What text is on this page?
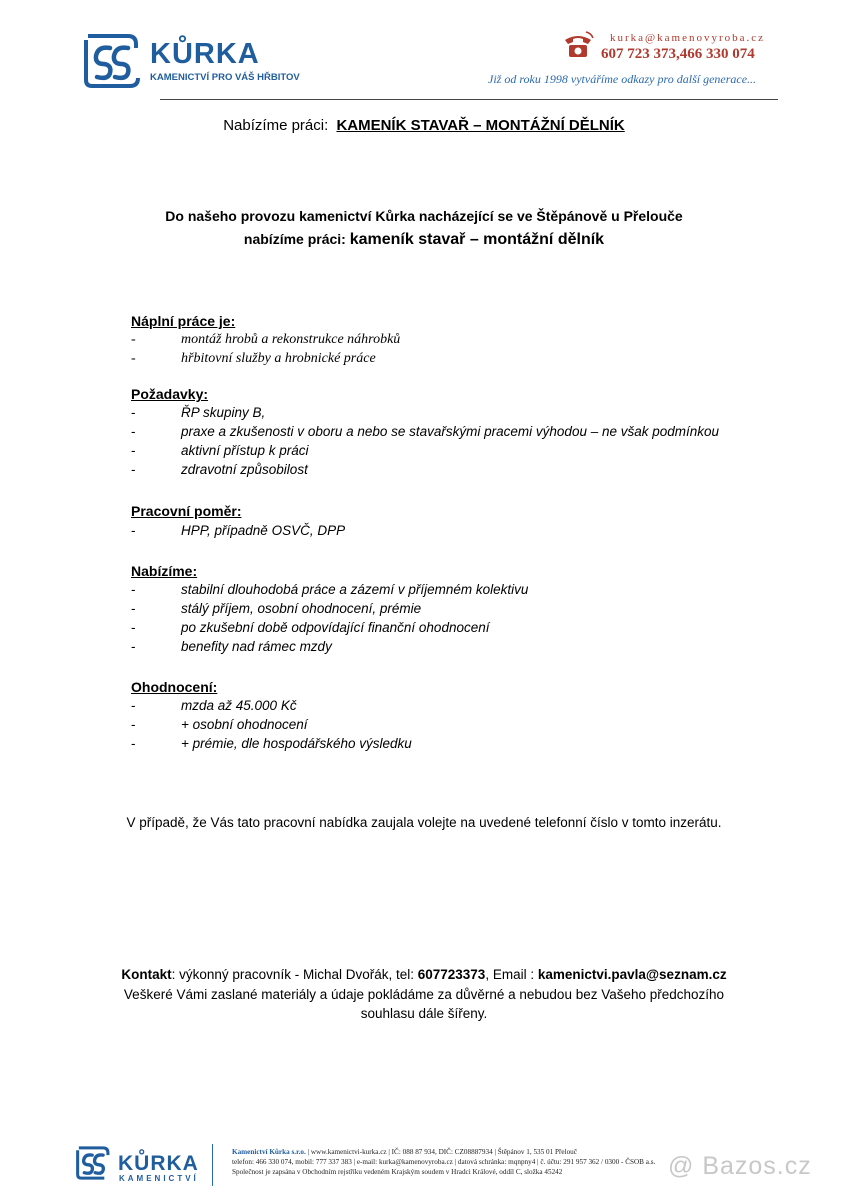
KŮRKA
KAMENICTVÍ PRO VÁŠ HŘBITOV
kurka@kamenovyroba.cz
607 723 373,466 330 074
Již od roku 1998 vytváříme odkazy pro další generace...
Nabízíme práci: KAMENÍK STAVAŘ – MONTÁŽNÍ DĚLNÍK
Do našeho provozu kamenictví Kůrka nacházející se ve Štěpánově u Přelouče
nabízíme práci: kameník stavař – montážní dělník
Náplní práce je:
-	montáž hrobů a rekonstrukce náhrobků
-	hřbitovní služby a hrobnické práce
Požadavky:
-	ŘP skupiny B,
-	praxe a zkušenosti v oboru a nebo se stavařskými pracemi výhodou – ne však podmínkou
-	aktivní přístup k práci
-	zdravotní způsobilost
Pracovní poměr:
-	HPP, případně OSVČ, DPP
Nabízíme:
-	stabilní dlouhodobá práce a zázemí v příjemném kolektivu
-	stálý příjem, osobní ohodnocení, prémie
-	po zkušební době odpovídající finanční ohodnocení
-	benefity nad rámec mzdy
Ohodnocení:
-	mzda až 45.000 Kč
-	+ osobní ohodnocení
-	+ prémie, dle hospodářského výsledku
V případě, že Vás tato pracovní nabídka zaujala volejte na uvedené telefonní číslo v tomto inzerátu.
Kontakt: výkonný pracovník - Michal Dvořák, tel: 607723373, Email : kamenictvi.pavla@seznam.cz
Veškeré Vámi zaslané materiály a údaje pokládáme za důvěrné a nebudou bez Vašeho předchozího
souhlasu dále šířeny.
KŮRKA
KAMENICTVÍ
Kamenictví Kůrka s.r.o. | www.kamenictvi-kurka.cz | IČ: 088 87 934, DIČ: CZ08887934 | Štěpánov 1, 535 01 Přelouč
telefon: 466 330 074, mobil: 777 337 383 | e-mail: kurka@kamenovyroba.cz | datová schránka: mqnpny4 | č. účtu: 291 957 362 / 0300 - ČSOB a.s.
Společnost je zapsána v Obchodním rejstříku vedeném Krajským soudem v Hradci Králové, oddíl C, složka 45242	@ Bazos.cz
